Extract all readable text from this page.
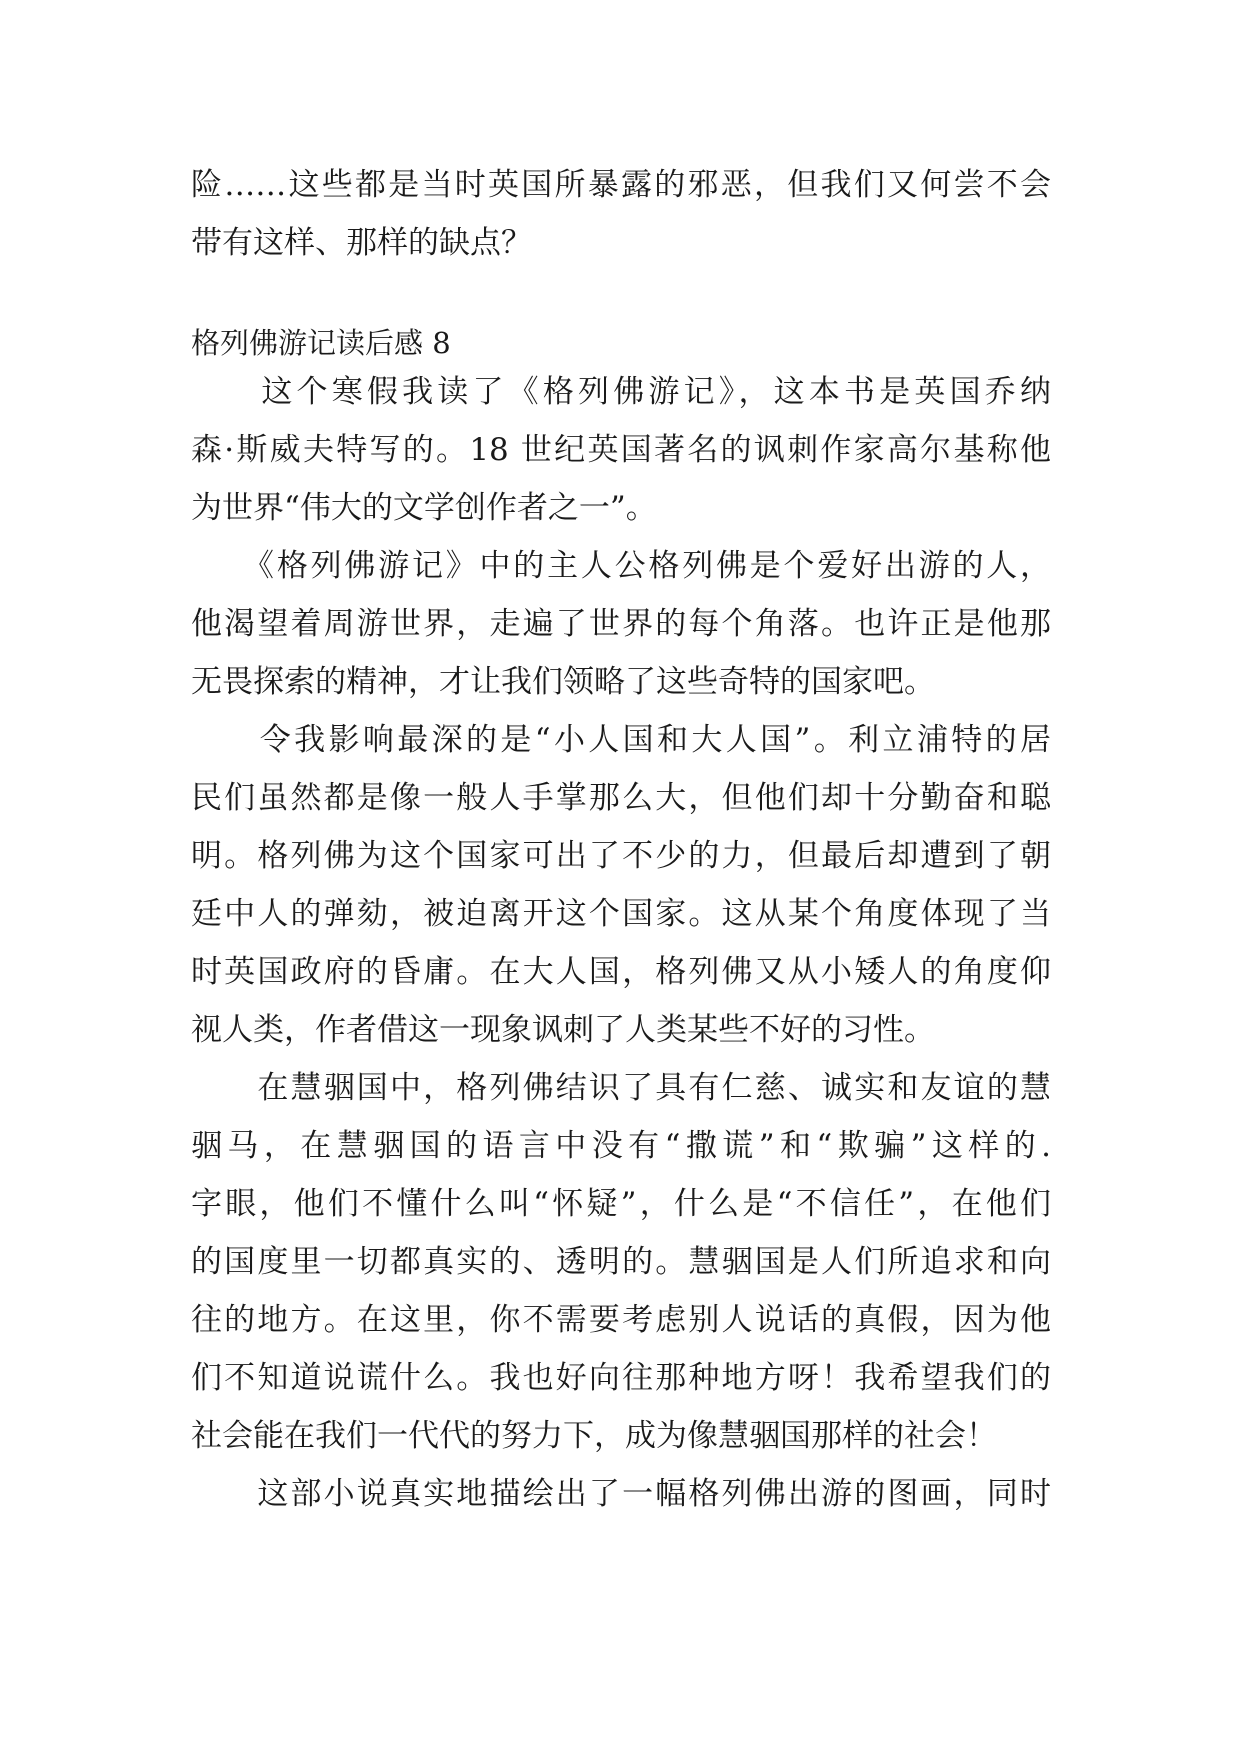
险……这些都是当时英国所暴露的邪恶，但我们又何尝不会

带有这样、那样的缺点？

格列佛游记读后感 8

　　这个寒假我读了《格列佛游记》，这本书是英国乔纳

森·斯威夫特写的。18 世纪英国著名的讽刺作家高尔基称他

为世界“伟大的文学创作者之一”。

　　《格列佛游记》中的主人公格列佛是个爱好出游的人，

他渴望着周游世界，走遍了世界的每个角落。也许正是他那

无畏探索的精神，才让我们领略了这些奇特的国家吧。

　　令我影响最深的是“小人国和大人国”。利立浦特的居

民们虽然都是像一般人手掌那么大，但他们却十分勤奋和聪

明。格列佛为这个国家可出了不少的力，但最后却遭到了朝

廷中人的弹劾，被迫离开这个国家。这从某个角度体现了当

时英国政府的昏庸。在大人国，格列佛又从小矮人的角度仰

视人类，作者借这一现象讽刺了人类某些不好的习性。

　　在慧骃国中，格列佛结识了具有仁慈、诚实和友谊的慧

骃马，在慧骃国的语言中没有“撒谎”和“欺骗”这样的.

字眼，他们不懂什么叫“怀疑”，什么是“不信任”，在他们

的国度里一切都真实的、透明的。慧骃国是人们所追求和向

往的地方。在这里，你不需要考虑别人说话的真假，因为他

们不知道说谎什么。我也好向往那种地方呀！我希望我们的

社会能在我们一代代的努力下，成为像慧骃国那样的社会！

　　这部小说真实地描绘出了一幅格列佛出游的图画，同时
